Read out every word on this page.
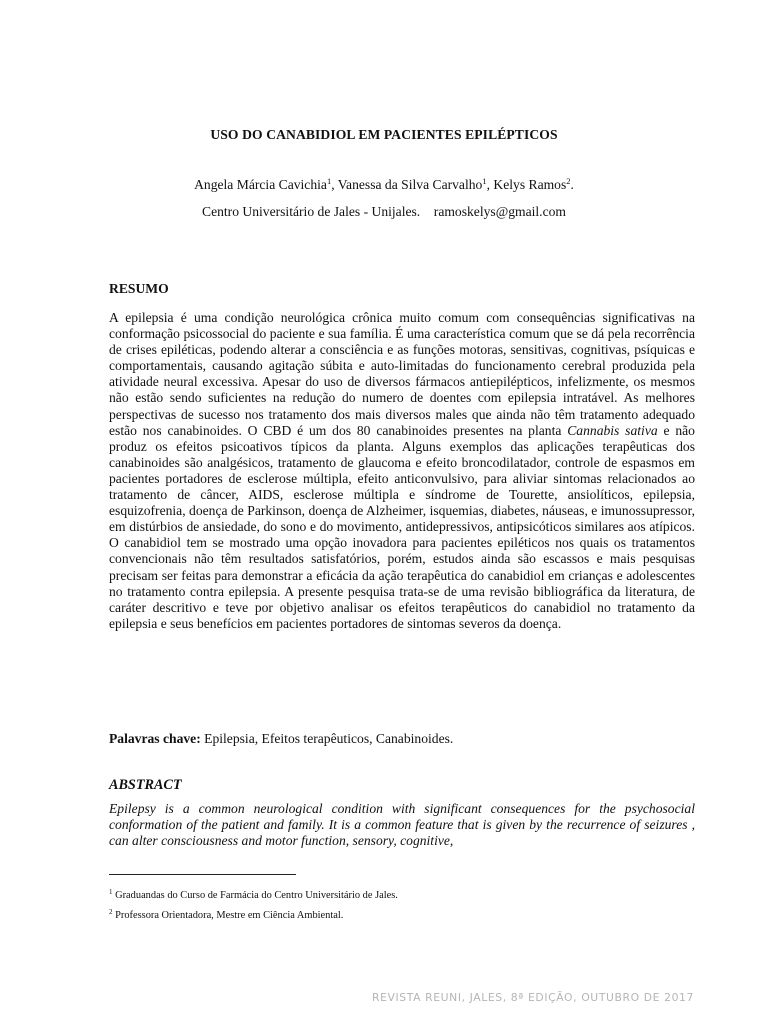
USO DO CANABIDIOL EM PACIENTES EPILÉPTICOS
Angela Márcia Cavichia$^1$, Vanessa da Silva Carvalho$^1$, Kelys Ramos$^2$.
Centro Universitário de Jales - Unijales.    ramoskelys@gmail.com
RESUMO
A epilepsia é uma condição neurológica crônica muito comum com consequências significativas na conformação psicossocial do paciente e sua família. É uma característica comum que se dá pela recorrência de crises epiléticas, podendo alterar a consciência e as funções motoras, sensitivas, cognitivas, psíquicas e comportamentais, causando agitação súbita e auto-limitadas do funcionamento cerebral produzida pela atividade neural excessiva. Apesar do uso de diversos fármacos antiepilépticos, infelizmente, os mesmos não estão sendo suficientes na redução do numero de doentes com epilepsia intratável. As melhores perspectivas de sucesso nos tratamento dos mais diversos males que ainda não têm tratamento adequado estão nos canabinoides. O CBD é um dos 80 canabinoides presentes na planta Cannabis sativa e não produz os efeitos psicoativos típicos da planta. Alguns exemplos das aplicações terapêuticas dos canabinoides são analgésicos, tratamento de glaucoma e efeito broncodilatador, controle de espasmos em pacientes portadores de esclerose múltipla, efeito anticonvulsivo, para aliviar sintomas relacionados ao tratamento de câncer, AIDS, esclerose múltipla e síndrome de Tourette, ansiolíticos, epilepsia, esquizofrenia, doença de Parkinson, doença de Alzheimer, isquemias, diabetes, náuseas, e imunossupressor, em distúrbios de ansiedade, do sono e do movimento, antidepressivos, antipsicóticos similares aos atípicos. O canabidiol tem se mostrado uma opção inovadora para pacientes epiléticos nos quais os tratamentos convencionais não têm resultados satisfatórios, porém, estudos ainda são escassos e mais pesquisas precisam ser feitas para demonstrar a eficácia da ação terapêutica do canabidiol em crianças e adolescentes no tratamento contra epilepsia. A presente pesquisa trata-se de uma revisão bibliográfica da literatura, de caráter descritivo e teve por objetivo analisar os efeitos terapêuticos do canabidiol no tratamento da epilepsia e seus benefícios em pacientes portadores de sintomas severos da doença.
Palavras chave: Epilepsia, Efeitos terapêuticos, Canabinoides.
ABSTRACT
Epilepsy is a common neurological condition with significant consequences for the psychosocial conformation of the patient and family. It is a common feature that is given by the recurrence of seizures , can alter consciousness and motor function, sensory, cognitive,
$^1$ Graduandas do Curso de Farmácia do Centro Universitário de Jales.
$^2$ Professora Orientadora, Mestre em Ciência Ambiental.
REVISTA REUNI, JALES, 8ª EDIÇÃO, OUTUBRO DE 2017
